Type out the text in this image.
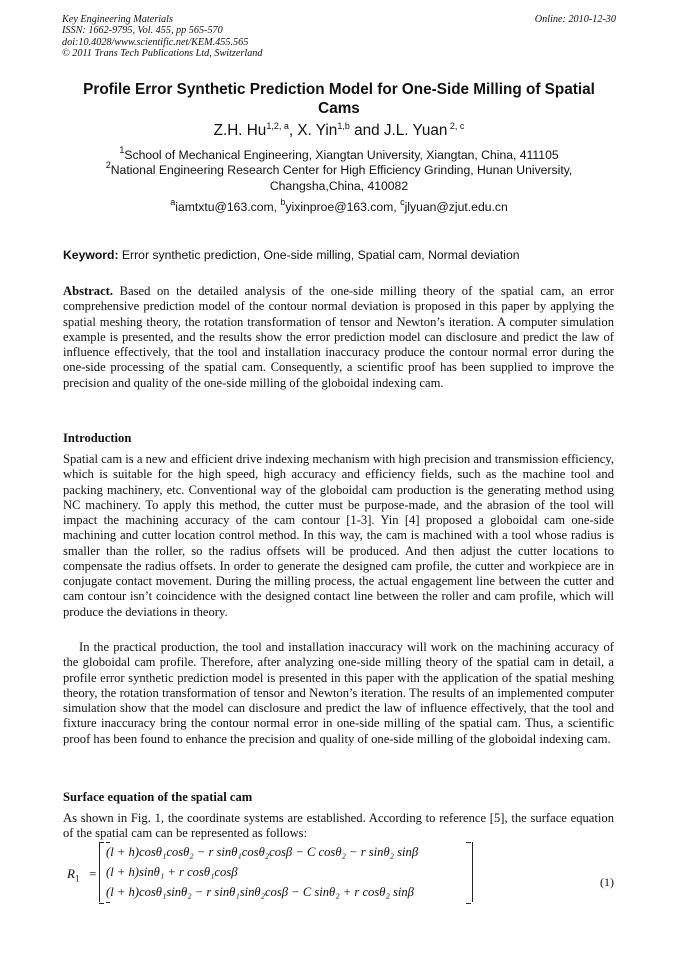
Key Engineering Materials
ISSN: 1662-9795, Vol. 455, pp 565-570
doi:10.4028/www.scientific.net/KEM.455.565
© 2011 Trans Tech Publications Ltd, Switzerland
Online: 2010-12-30
Profile Error Synthetic Prediction Model for One-Side Milling of Spatial Cams
Z.H. Hu$^{1,2, a}$, X. Yin$^{1,b}$ and J.L. Yuan $^{2, c}$
$^1$School of Mechanical Engineering, Xiangtan University, Xiangtan, China, 411105
$^2$National Engineering Research Center for High Efficiency Grinding, Hunan University, Changsha,China, 410082
$^a$iamtxtu@163.com, $^b$yixinproe@163.com, $^c$jlyuan@zjut.edu.cn
Keyword: Error synthetic prediction, One-side milling, Spatial cam, Normal deviation
Abstract. Based on the detailed analysis of the one-side milling theory of the spatial cam, an error comprehensive prediction model of the contour normal deviation is proposed in this paper by applying the spatial meshing theory, the rotation transformation of tensor and Newton’s iteration. A computer simulation example is presented, and the results show the error prediction model can disclosure and predict the law of influence effectively, that the tool and installation inaccuracy produce the contour normal error during the one-side processing of the spatial cam. Consequently, a scientific proof has been supplied to improve the precision and quality of the one-side milling of the globoidal indexing cam.
Introduction
Spatial cam is a new and efficient drive indexing mechanism with high precision and transmission efficiency, which is suitable for the high speed, high accuracy and efficiency fields, such as the machine tool and packing machinery, etc. Conventional way of the globoidal cam production is the generating method using NC machinery. To apply this method, the cutter must be purpose-made, and the abrasion of the tool will impact the machining accuracy of the cam contour [1-3]. Yin [4] proposed a globoidal cam one-side machining and cutter location control method. In this way, the cam is machined with a tool whose radius is smaller than the roller, so the radius offsets will be produced. And then adjust the cutter locations to compensate the radius offsets. In order to generate the designed cam profile, the cutter and workpiece are in conjugate contact movement. During the milling process, the actual engagement line between the cutter and cam contour isn’t coincidence with the designed contact line between the roller and cam profile, which will produce the deviations in theory.
In the practical production, the tool and installation inaccuracy will work on the machining accuracy of the globoidal cam profile. Therefore, after analyzing one-side milling theory of the spatial cam in detail, a profile error synthetic prediction model is presented in this paper with the application of the spatial meshing theory, the rotation transformation of tensor and Newton’s iteration. The results of an implemented computer simulation show that the model can disclosure and predict the law of influence effectively, that the tool and fixture inaccuracy bring the contour normal error in one-side milling of the spatial cam. Thus, a scientific proof has been found to enhance the precision and quality of one-side milling of the globoidal indexing cam.
Surface equation of the spatial cam
As shown in Fig. 1, the coordinate systems are established. According to reference [5], the surface equation of the spatial cam can be represented as follows:
$R_1$ =
(l + h)cosθ₁cosθ₂ − r sinθ₁cosθ₂cosβ − C cosθ₂ − r sinθ₂ sinβ
(l + h)sinθ₁ + r cosθ₁cosβ
(l + h)cosθ₁sinθ₂ − r sinθ₁sinθ₂cosβ − C sinθ₂ + r cosθ₂ sinβ
(1)
